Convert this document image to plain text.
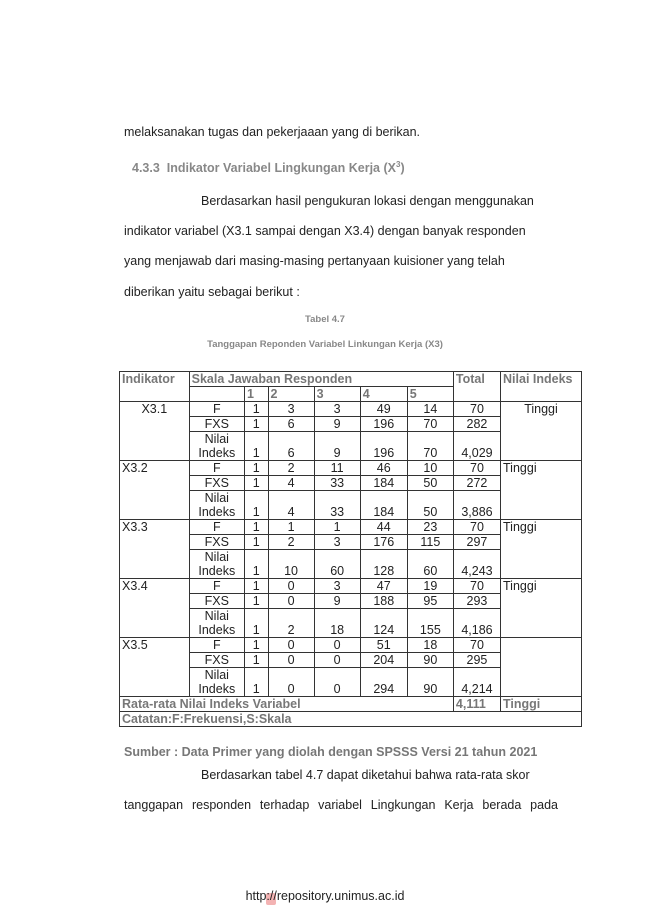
melaksanakan tugas dan pekerjaaan yang di berikan.
4.3.3 Indikator Variabel Lingkungan Kerja $(X^3)$
Berdasarkan hasil pengukuran lokasi dengan menggunakan
indikator variabel (X3.1 sampai dengan X3.4) dengan banyak responden
yang menjawab dari masing-masing pertanyaan kuisioner yang telah
diberikan yaitu sebagai berikut :
Tabel 4.7
Tanggapan Reponden Variabel Linkungan Kerja (X3)
Indikator	Skala Jawaban Responden						Total	Nilai Indeks
		1	2	3	4	5		
X3.1	F	1	3	3	49	14	70	Tinggi
	FXS	1	6	9	196	70	282	
	Nilai Indeks	1	6	9	196	70	4,029	
X3.2	F	1	2	11	46	10	70	Tinggi
	FXS	1	4	33	184	50	272	
	Nilai Indeks	1	4	33	184	50	3,886	
X3.3	F	1	1	1	44	23	70	Tinggi
	FXS	1	2	3	176	115	297	
	Nilai Indeks	1	10	60	128	60	4,243	
X3.4	F	1	0	3	47	19	70	Tinggi
	FXS	1	0	9	188	95	293	
	Nilai Indeks	1	2	18	124	155	4,186	
X3.5	F	1	0	0	51	18	70	
	FXS	1	0	0	204	90	295	
	Nilai Indeks	1	0	0	294	90	4,214	
Rata-rata Nilai Indeks Variabel							4,111	Tinggi
Catatan:F:Frekuensi,S:Skala								
Sumber : Data Primer yang diolah dengan SPSSS Versi 21 tahun 2021
Berdasarkan tabel 4.7 dapat diketahui bahwa rata-rata skor
tanggapan responden terhadap variabel Lingkungan Kerja berada pada
http://repository.unimus.ac.id
